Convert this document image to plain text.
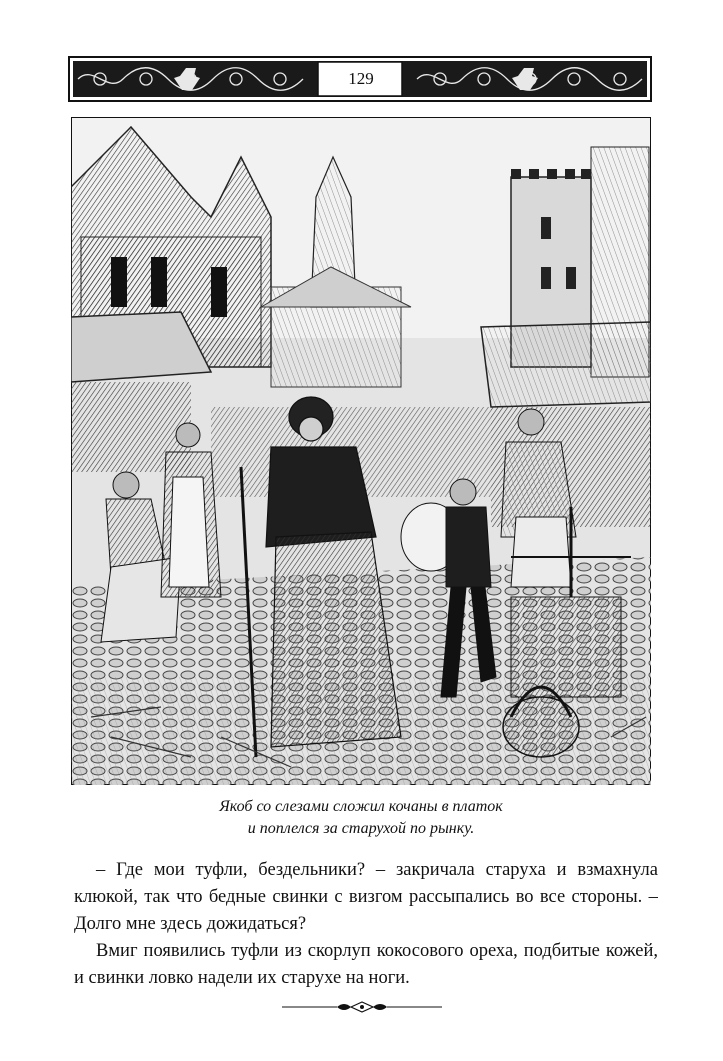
129
Якоб со слезами сложил кочаны в платок
и поплелся за старухой по рынку.
– Где мои туфли, бездельники? – закричала старуха и взмахнула
клюкой, так что бедные свинки с визгом рассыпались во все стороны. –
Долго мне здесь дожидаться?
Вмиг появились туфли из скорлуп кокосового ореха, подбитые кожей,
и свинки ловко надели их старухе на ноги.
